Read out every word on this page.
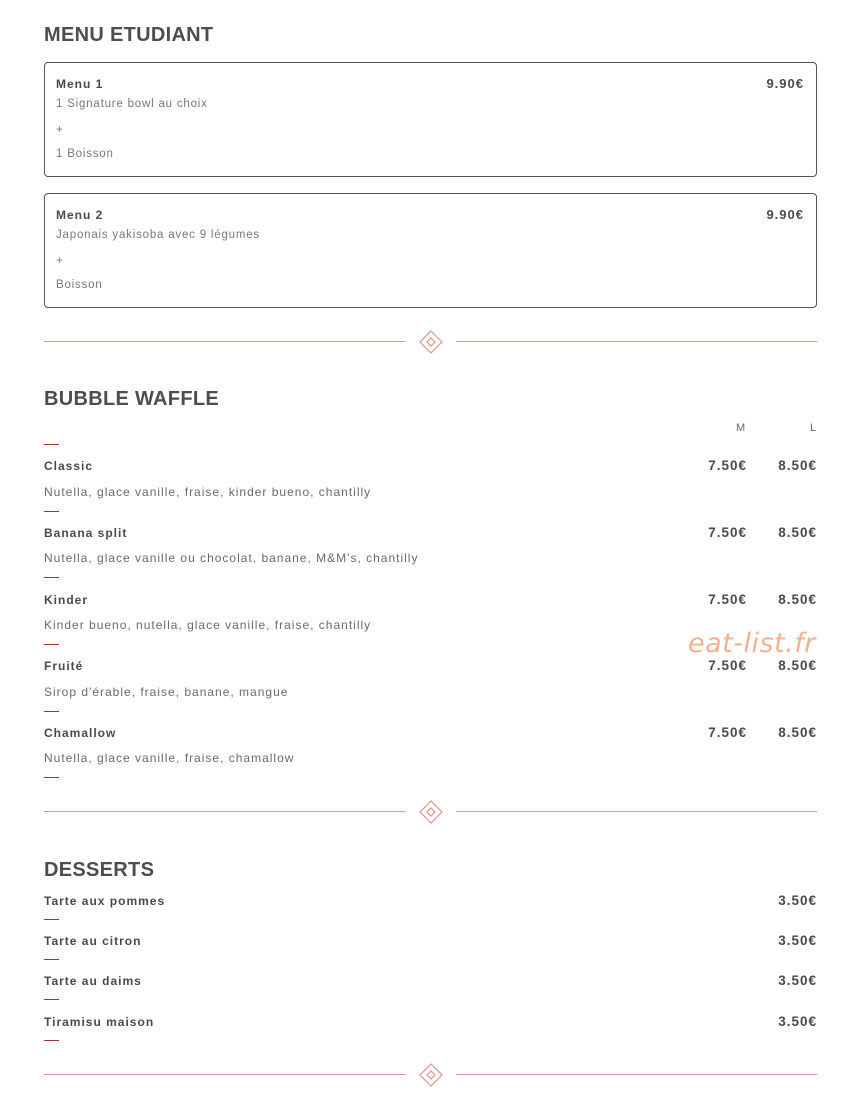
MENU ETUDIANT
Menu 1	9.90€
1 Signature bowl au choix
+
1 Boisson
Menu 2	9.90€
Japonais yakisoba avec 9 légumes
+
Boisson
BUBBLE WAFFLE
M	L
Classic	7.50€	8.50€
Nutella, glace vanille, fraise, kinder bueno, chantilly
Banana split	7.50€	8.50€
Nutella, glace vanille ou chocolat, banane, M&M's, chantilly
Kinder	7.50€	8.50€
Kinder bueno, nutella, glace vanille, fraise, chantilly
Fruité	7.50€	8.50€
Sirop d'érable, fraise, banane, mangue
Chamallow	7.50€	8.50€
Nutella, glace vanille, fraise, chamallow
DESSERTS
Tarte aux pommes	3.50€
Tarte au citron	3.50€
Tarte au daims	3.50€
Tiramisu maison	3.50€
eat-list.fr
